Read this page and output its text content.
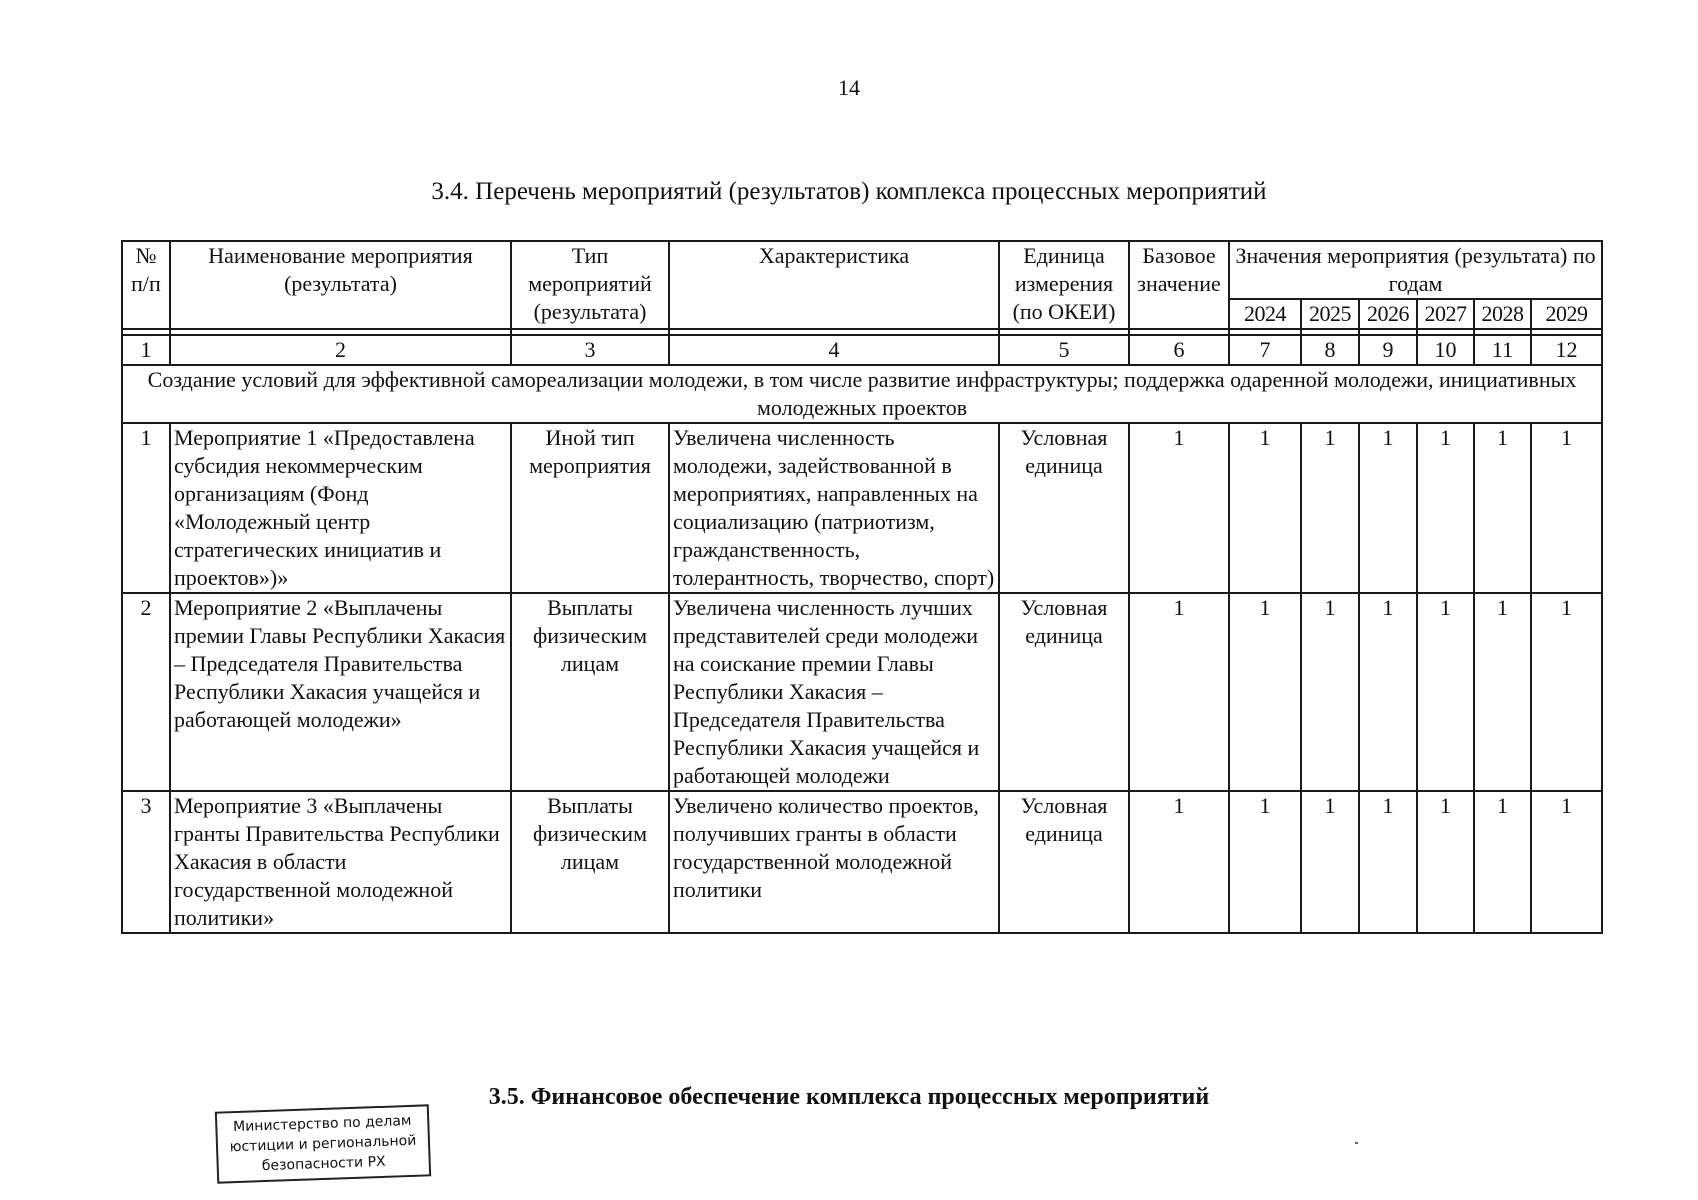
14
3.4. Перечень мероприятий (результатов) комплекса процессных мероприятий
№ п/п	Наименование мероприятия (результата)	Тип мероприятий (результата)	Характеристика	Единица измерения (по ОКЕИ)	Базовое значение	Значения мероприятия (результата) по годам					
						2024	2025	2026	2027	2028	2029

1	2	3	4	5	6	7	8	9	10	11	12
Создание условий для эффективной самореализации молодежи, в том числе развитие инфраструктуры; поддержка одаренной молодежи, инициативных молодежных проектов											
1	Мероприятие 1 «Предоставлена субсидия некоммерческим организациям (Фонд «Молодежный центр стратегических инициатив и проектов»)»	Иной тип мероприятия	Увеличена численность молодежи, задействованной в мероприятиях, направленных на социализацию (патриотизм, гражданственность, толерантность, творчество, спорт)	Условная единица	1	1	1	1	1	1	1
2	Мероприятие 2 «Выплачены премии Главы Республики Хакасия – Председателя Правительства Республики Хакасия учащейся и работающей молодежи»	Выплаты физическим лицам	Увеличена численность лучших представителей среди молодежи на соискание премии Главы Республики Хакасия – Председателя Правительства Республики Хакасия учащейся и работающей молодежи	Условная единица	1	1	1	1	1	1	1
3	Мероприятие 3 «Выплачены гранты Правительства Республики Хакасия в области государственной молодежной политики»	Выплаты физическим лицам	Увеличено количество проектов, получивших гранты в области государственной молодежной политики	Условная единица	1	1	1	1	1	1	1
3.5. Финансовое обеспечение комплекса процессных мероприятий
Министерство по делам
юстиции и региональной
безопасности РХ
